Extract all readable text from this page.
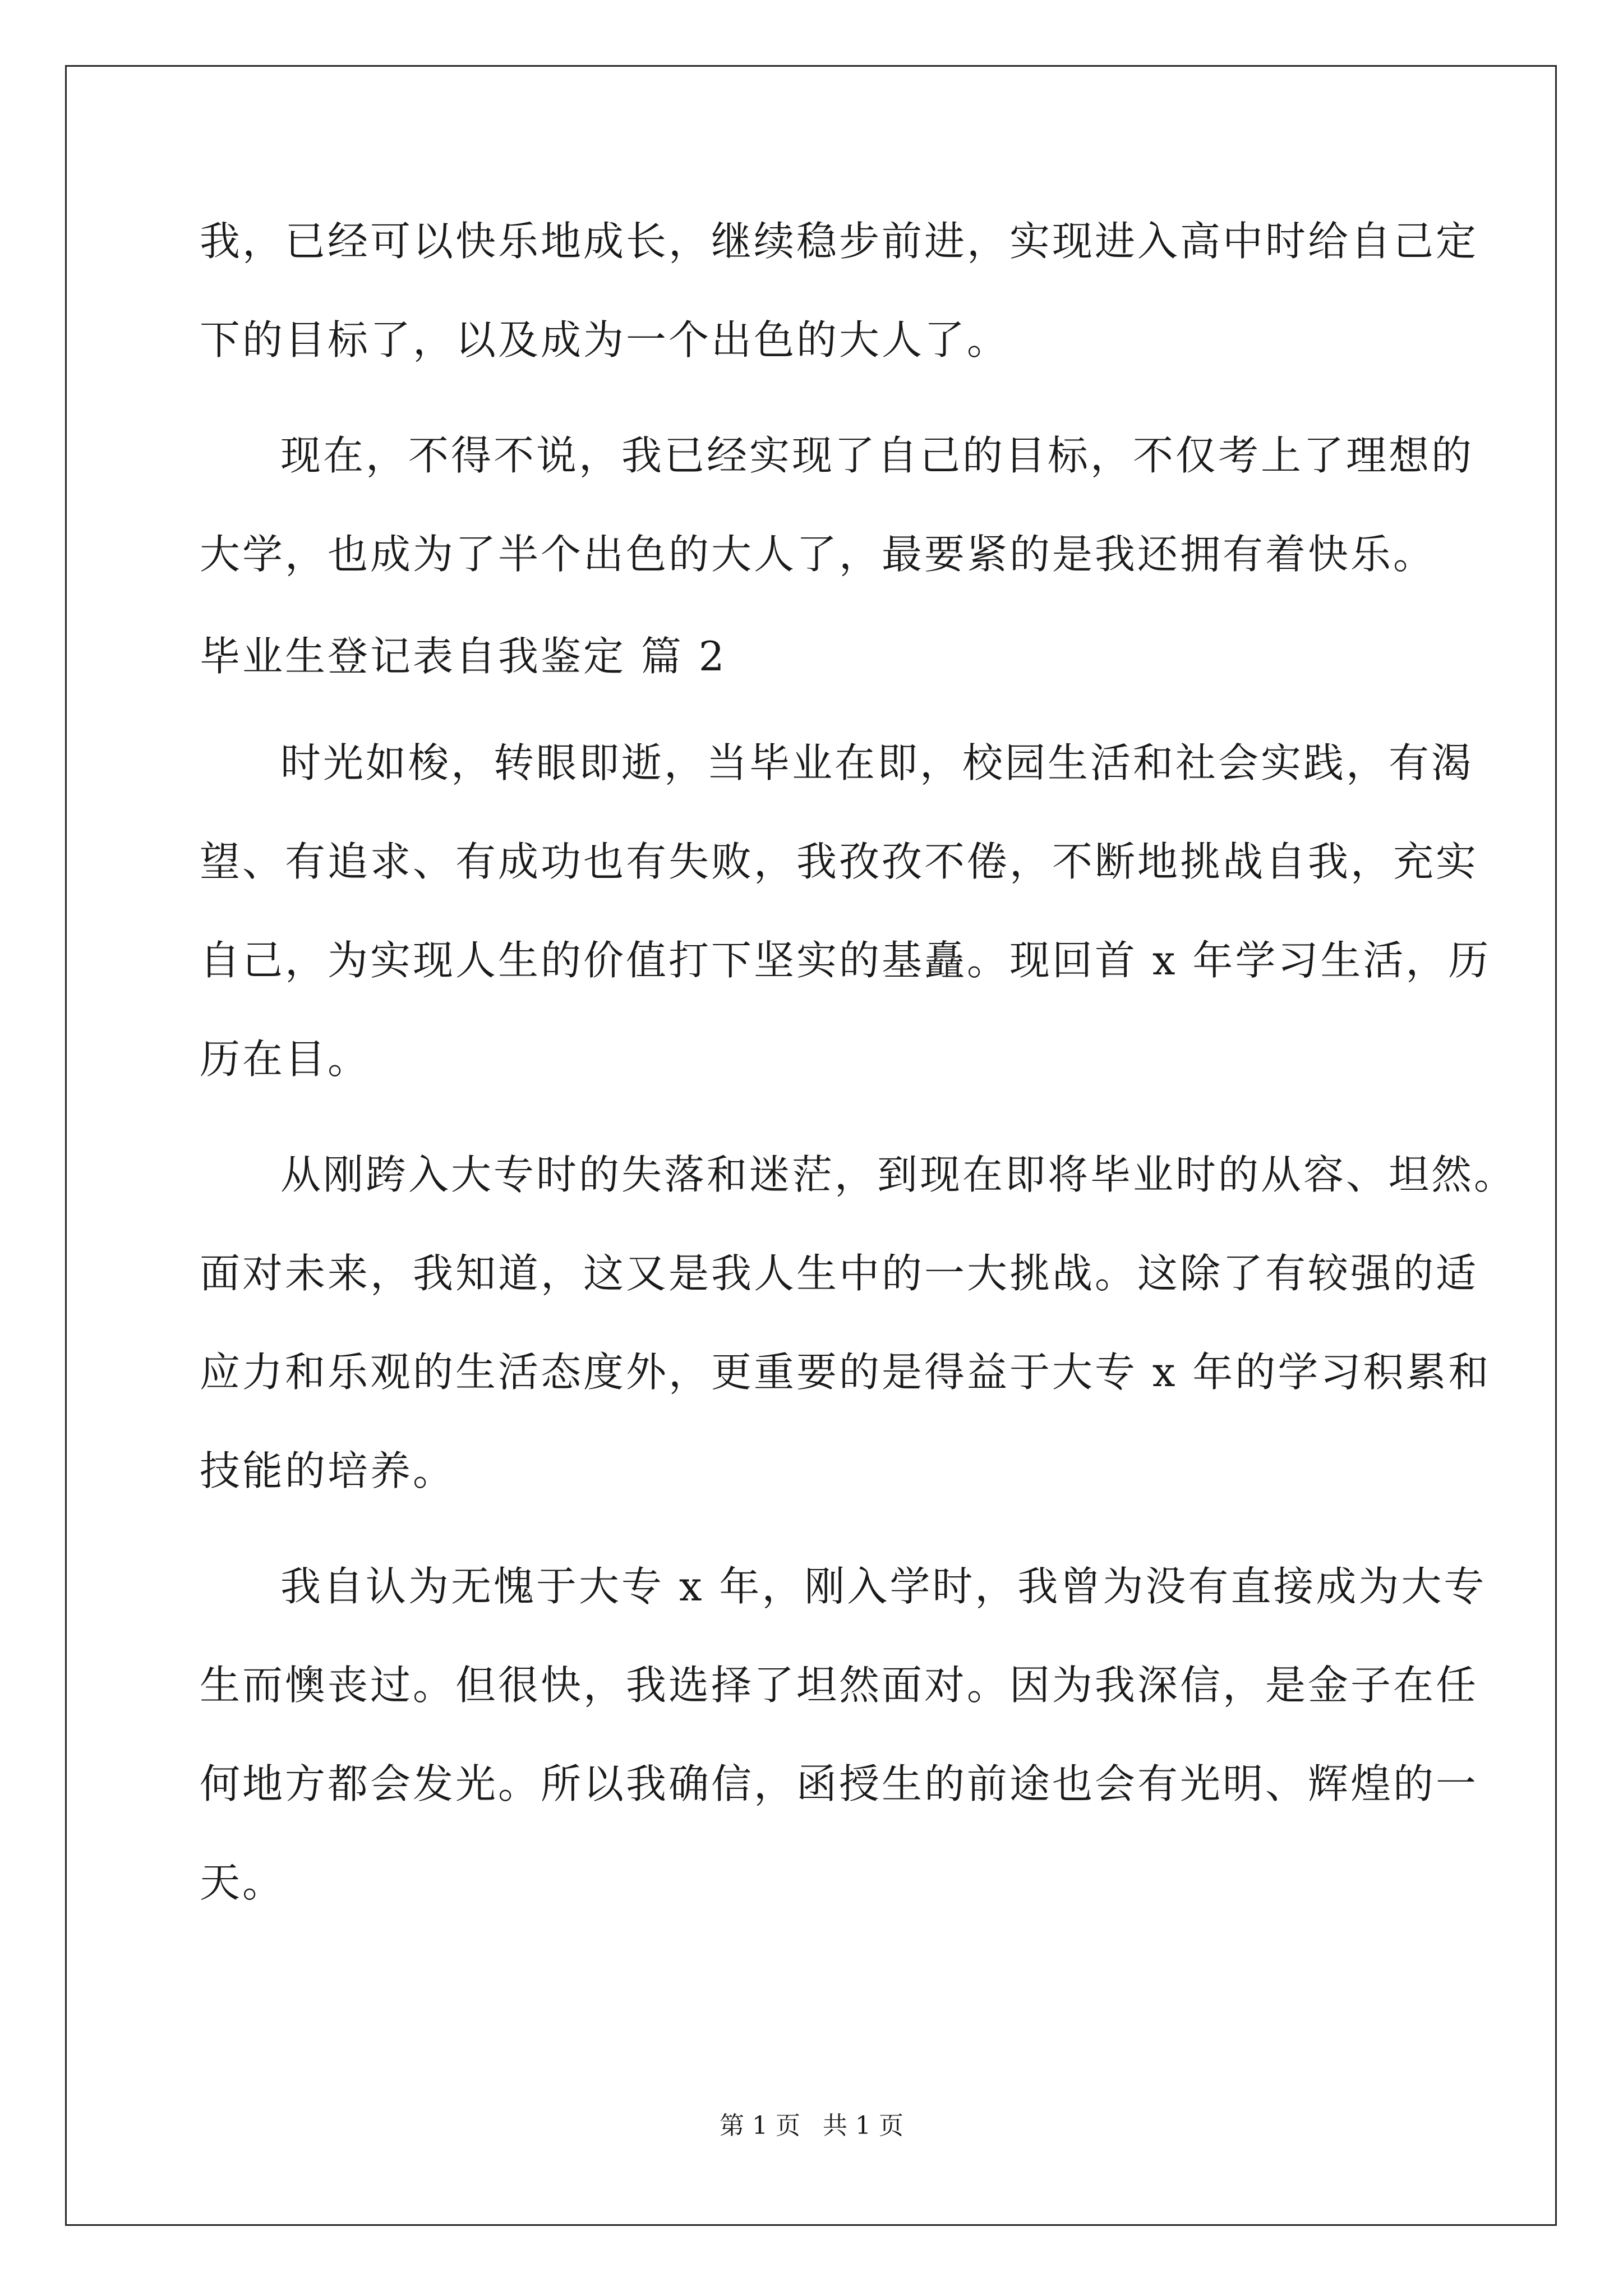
我，已经可以快乐地成长，继续稳步前进，实现进入高中时给自己定
下的目标了，以及成为一个出色的大人了。
现在，不得不说，我已经实现了自己的目标，不仅考上了理想的
大学，也成为了半个出色的大人了，最要紧的是我还拥有着快乐。
毕业生登记表自我鉴定 篇 2
时光如梭，转眼即逝，当毕业在即，校园生活和社会实践，有渴
望、有追求、有成功也有失败，我孜孜不倦，不断地挑战自我，充实
自己，为实现人生的价值打下坚实的基矗。现回首 x 年学习生活，历
历在目。
从刚跨入大专时的失落和迷茫，到现在即将毕业时的从容、坦然。
面对未来，我知道，这又是我人生中的一大挑战。这除了有较强的适
应力和乐观的生活态度外，更重要的是得益于大专 x 年的学习积累和
技能的培养。
我自认为无愧于大专 x 年，刚入学时，我曾为没有直接成为大专
生而懊丧过。但很快，我选择了坦然面对。因为我深信，是金子在任
何地方都会发光。所以我确信，函授生的前途也会有光明、辉煌的一
天。
第 1 页 共 1 页
